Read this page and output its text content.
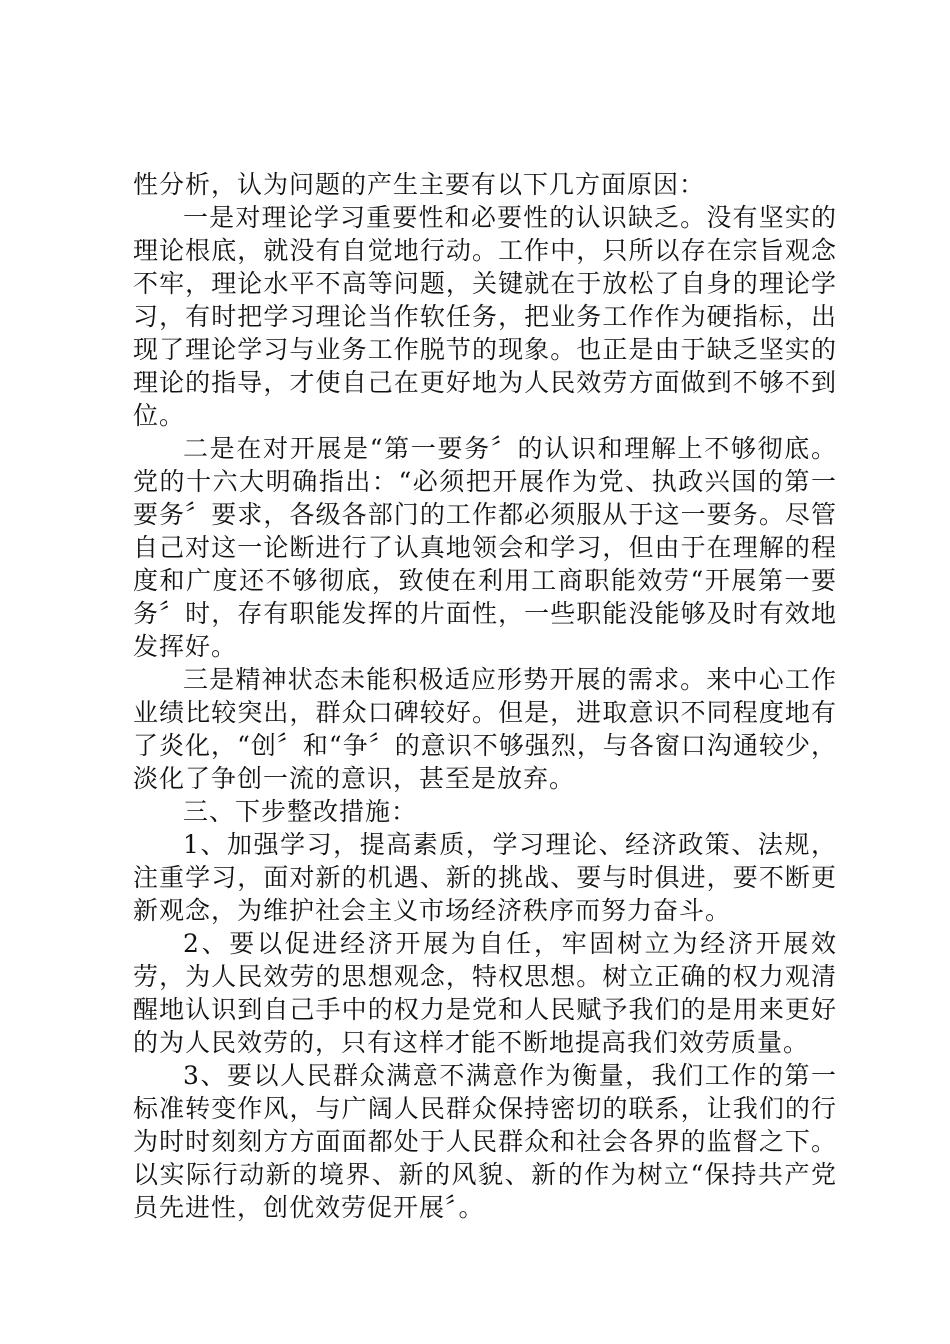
性分析，认为问题的产生主要有以下几方面原因：

一是对理论学习重要性和必要性的认识缺乏。没有坚实的理论根底，就没有自觉地行动。工作中，只所以存在宗旨观念不牢，理论水平不高等问题，关键就在于放松了自身的理论学习，有时把学习理论当作软任务，把业务工作作为硬指标，出现了理论学习与业务工作脱节的现象。也正是由于缺乏坚实的理论的指导，才使自己在更好地为人民效劳方面做到不够不到位。

二是在对开展是“第一要务〞的认识和理解上不够彻底。党的十六大明确指出：“必须把开展作为党、执政兴国的第一要务〞要求，各级各部门的工作都必须服从于这一要务。尽管自己对这一论断进行了认真地领会和学习，但由于在理解的程度和广度还不够彻底，致使在利用工商职能效劳“开展第一要务〞时，存有职能发挥的片面性，一些职能没能够及时有效地发挥好。

三是精神状态未能积极适应形势开展的需求。来中心工作业绩比较突出，群众口碑较好。但是，进取意识不同程度地有了炎化，“创〞和“争〞的意识不够强烈，与各窗口沟通较少，淡化了争创一流的意识，甚至是放弃。

三、下步整改措施：

1、加强学习，提高素质，学习理论、经济政策、法规，注重学习，面对新的机遇、新的挑战、要与时俱进，要不断更新观念，为维护社会主义市场经济秩序而努力奋斗。

2、要以促进经济开展为自任，牢固树立为经济开展效劳，为人民效劳的思想观念，特权思想。树立正确的权力观清醒地认识到自己手中的权力是党和人民赋予我们的是用来更好的为人民效劳的，只有这样才能不断地提高我们效劳质量。

3、要以人民群众满意不满意作为衡量，我们工作的第一标准转变作风，与广阔人民群众保持密切的联系，让我们的行为时时刻刻方方面面都处于人民群众和社会各界的监督之下。以实际行动新的境界、新的风貌、新的作为树立“保持共产党员先进性，创优效劳促开展〞。
